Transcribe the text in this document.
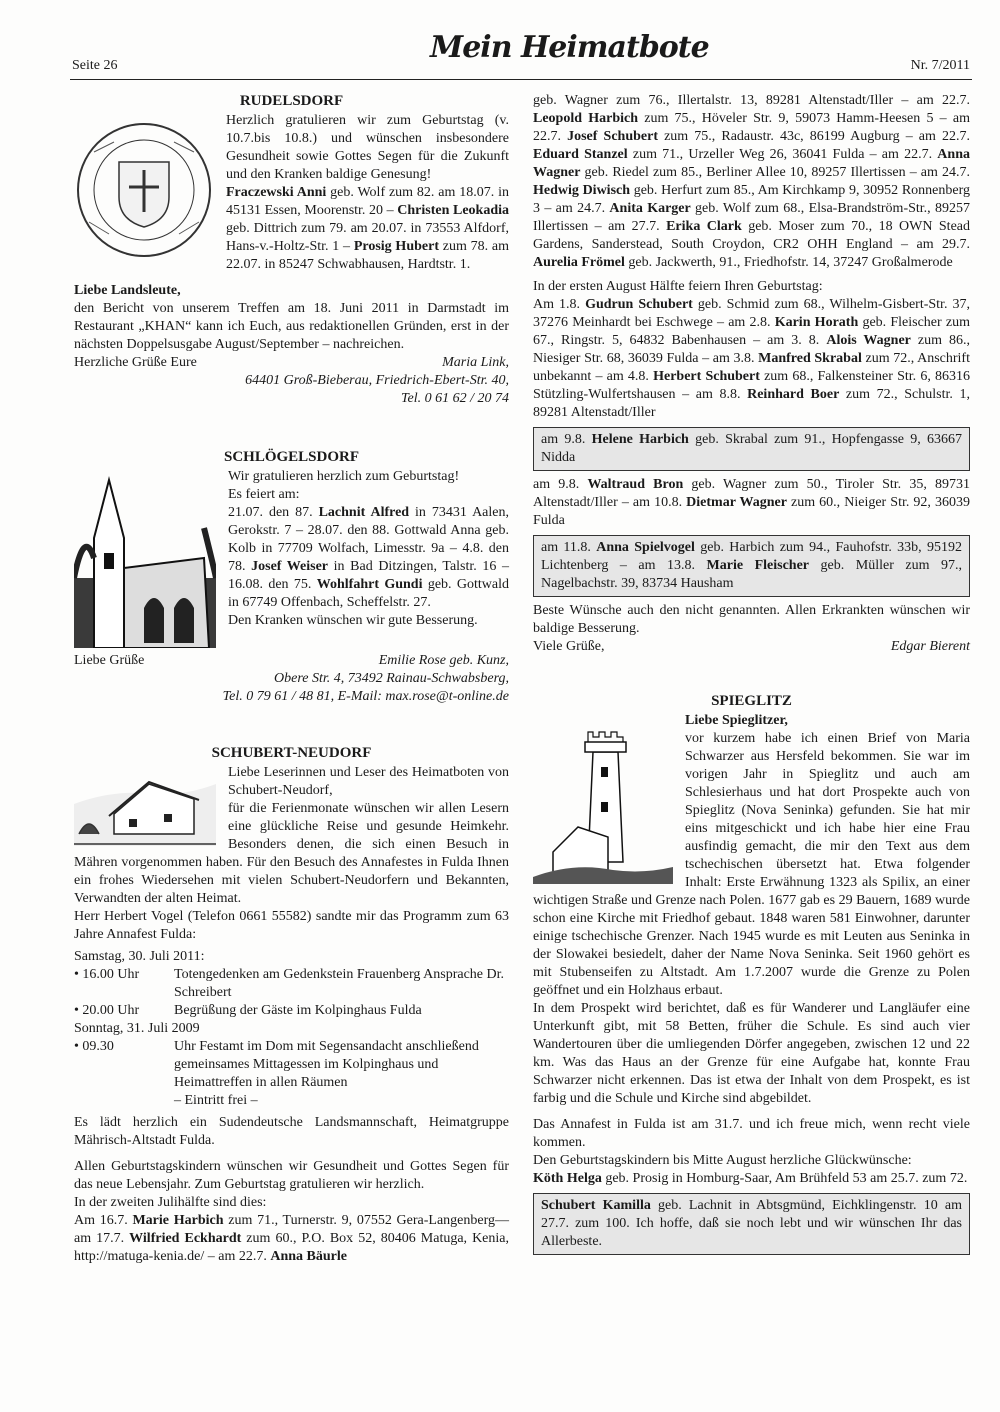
Seite 26
Mein Heimatbote
Nr. 7/2011
RUDELSDORF

Herzlich gratulieren wir zum Geburtstag (v. 10.7.bis 10.8.) und wünschen insbesondere Gesundheit sowie Gottes Segen für die Zukunft und den Kranken baldige Genesung!

Fraczewski Anni geb. Wolf zum 82. am 18.07. in 45131 Essen, Moorenstr. 20 – Christen Leokadia geb. Dittrich zum 79. am 20.07. in 73553 Alfdorf, Hans-v.-Holtz-Str. 1 – Prosig Hubert zum 78. am 22.07. in 85247 Schwabhausen, Hardtstr. 1.

Liebe Landsleute,

den Bericht von unserem Treffen am 18. Juni 2011 in Darmstadt im Restaurant „KHAN“ kann ich Euch, aus redaktionellen Gründen, erst in der nächsten Doppelsusgabe August/September – nachreichen.

Herzliche Grüße Eure	Maria Link,

64401 Groß-Bieberau, Friedrich-Ebert-Str. 40,

Tel. 0 61 62 / 20 74

SCHLÖGELSDORF

Wir gratulieren herzlich zum Geburtstag!

Es feiert am:

21.07. den 87. Lachnit Alfred in 73431 Aalen, Gerokstr. 7 – 28.07. den 88. Gottwald Anna geb. Kolb in 77709 Wolfach, Limesstr. 9a – 4.8. den 78. Josef Weiser in Bad Ditzingen, Talstr. 16 – 16.08. den 75. Wohlfahrt Gundi geb. Gottwald in 67749 Offenbach, Scheffelstr. 27.

Den Kranken wünschen wir gute Besserung.

Liebe Grüße	Emilie Rose geb. Kunz,

Obere Str. 4, 73492 Rainau-Schwabsberg,

Tel. 0 79 61 / 48 81, E-Mail: max.rose@t-online.de

SCHUBERT-NEUDORF

Liebe Leserinnen und Leser des Heimatboten von Schubert-Neudorf,

für die Ferienmonate wünschen wir allen Lesern eine glückliche Reise und gesunde Heimkehr. Besonders denen, die sich einen Besuch in Mähren vorgenommen haben. Für den Besuch des Annafestes in Fulda Ihnen ein frohes Wiedersehen mit vielen Schubert-Neudorfern und Bekannten, Verwandten der alten Heimat.

Herr Herbert Vogel (Telefon 0661 55582) sandte mir das Programm zum 63 Jahre Annafest Fulda:

Samstag, 30. Juli 2011:

• 16.00 Uhr	Totengedenken am Gedenkstein Frauenberg Ansprache Dr. Schreibert
• 20.00 Uhr	Begrüßung der Gäste im Kolpinghaus Fulda

Sonntag, 31. Juli 2009

• 09.30	Uhr Festamt im Dom mit Segensandacht anschließend gemeinsames Mittagessen im Kolpinghaus und Heimattreffen in allen Räumen
– Eintritt frei –

Es lädt herzlich ein Sudendeutsche Landsmannschaft, Heimatgruppe Mährisch-Altstadt Fulda.

Allen Geburtstagskindern wünschen wir Gesundheit und Gottes Segen für das neue Lebensjahr. Zum Geburtstag gratulieren wir herzlich.

In der zweiten Julihälfte sind dies:

Am 16.7. Marie Harbich zum 71., Turnerstr. 9, 07552 Gera-Langenberg— am 17.7. Wilfried Eckhardt zum 60., P.O. Box 52, 80406 Matuga, Kenia, http://matuga-kenia.de/ – am 22.7. Anna Bäurle

geb. Wagner zum 76., Illertalstr. 13, 89281 Altenstadt/Iller – am 22.7. Leopold Harbich zum 75., Höveler Str. 9, 59073 Hamm-Heesen 5 – am 22.7. Josef Schubert zum 75., Radaustr. 43c, 86199 Augburg – am 22.7. Eduard Stanzel zum 71., Urzeller Weg 26, 36041 Fulda – am 22.7. Anna Wagner geb. Riedel zum 85., Berliner Allee 10, 89257 Illertissen – am 24.7. Hedwig Diwisch geb. Herfurt zum 85., Am Kirchkamp 9, 30952 Ronnenberg 3 – am 24.7. Anita Karger geb. Wolf zum 68., Elsa-Brandström-Str., 89257 Illertissen – am 27.7. Erika Clark geb. Moser zum 70., 18 OWN Stead Gardens, Sanderstead, South Croydon, CR2 OHH England – am 29.7. Aurelia Frömel geb. Jackwerth, 91., Friedhofstr. 14, 37247 Großalmerode

In der ersten August Hälfte feiern Ihren Geburtstag:

Am 1.8. Gudrun Schubert geb. Schmid zum 68., Wilhelm-Gisbert-Str. 37, 37276 Meinhardt bei Eschwege – am 2.8. Karin Horath geb. Fleischer zum 67., Ringstr. 5, 64832 Babenhausen – am 3. 8. Alois Wagner zum 86., Niesiger Str. 68, 36039 Fulda – am 3.8. Manfred Skrabal zum 72., Anschrift unbekannt – am 4.8. Herbert Schubert zum 68., Falkensteiner Str. 6, 86316 Stützling-Wulfertshausen – am 8.8. Reinhard Boer zum 72., Schulstr. 1, 89281 Altenstadt/Iller

am 9.8. Helene Harbich geb. Skrabal zum 91., Hopfengasse 9, 63667 Nidda

am 9.8. Waltraud Bron geb. Wagner zum 50., Tiroler Str. 35, 89731 Altenstadt/Iller – am 10.8. Dietmar Wagner zum 60., Nieiger Str. 92, 36039 Fulda

am 11.8. Anna Spielvogel geb. Harbich zum 94., Fauhofstr. 33b, 95192 Lichtenberg – am 13.8. Marie Fleischer geb. Müller zum 97., Nagelbachstr. 39, 83734 Hausham

Beste Wünsche auch den nicht genannten. Allen Erkrankten wünschen wir baldige Besserung.

Viele Grüße,	Edgar Bierent
SPIEGLITZ

Liebe Spieglitzer,

vor kurzem habe ich einen Brief von Maria Schwarzer aus Hersfeld bekommen. Sie war im vorigen Jahr in Spieglitz und auch am Schlesierhaus und hat dort Prospekte auch von Spieglitz (Nova Seninka) gefunden. Sie hat mir eins mitgeschickt und ich habe hier eine Frau ausfindig gemacht, die mir den Text aus dem tschechischen übersetzt hat. Etwa folgender Inhalt: Erste Erwähnung 1323 als Spilix, an einer wichtigen Straße und Grenze nach Polen. 1677 gab es 29 Bauern, 1689 wurde schon eine Kirche mit Friedhof gebaut. 1848 waren 581 Einwohner, darunter einige tschechische Grenzer. Nach 1945 wurde es mit Leuten aus Seninka in der Slowakei besiedelt, daher der Name Nova Seninka. Seit 1960 gehört es mit Stubenseifen zu Altstadt. Am 1.7.2007 wurde die Grenze zu Polen geöffnet und ein Holzhaus erbaut.

In dem Prospekt wird berichtet, daß es für Wanderer und Langläufer eine Unterkunft gibt, mit 58 Betten, früher die Schule. Es sind auch vier Wandertouren über die umliegenden Dörfer angegeben, zwischen 12 und 22 km. Was das Haus an der Grenze für eine Aufgabe hat, konnte Frau Schwarzer nicht erkennen. Das ist etwa der Inhalt von dem Prospekt, es ist farbig und die Schule und Kirche sind abgebildet.

Das Annafest in Fulda ist am 31.7. und ich freue mich, wenn recht viele kommen.

Den Geburtstagskindern bis Mitte August herzliche Glückwünsche:

Köth Helga geb. Prosig in Homburg-Saar, Am Brühfeld 53 am 25.7. zum 72.

Schubert Kamilla geb. Lachnit in Abtsgmünd, Eichklingenstr. 10 am 27.7. zum 100. Ich hoffe, daß sie noch lebt und wir wünschen Ihr das Allerbeste.
